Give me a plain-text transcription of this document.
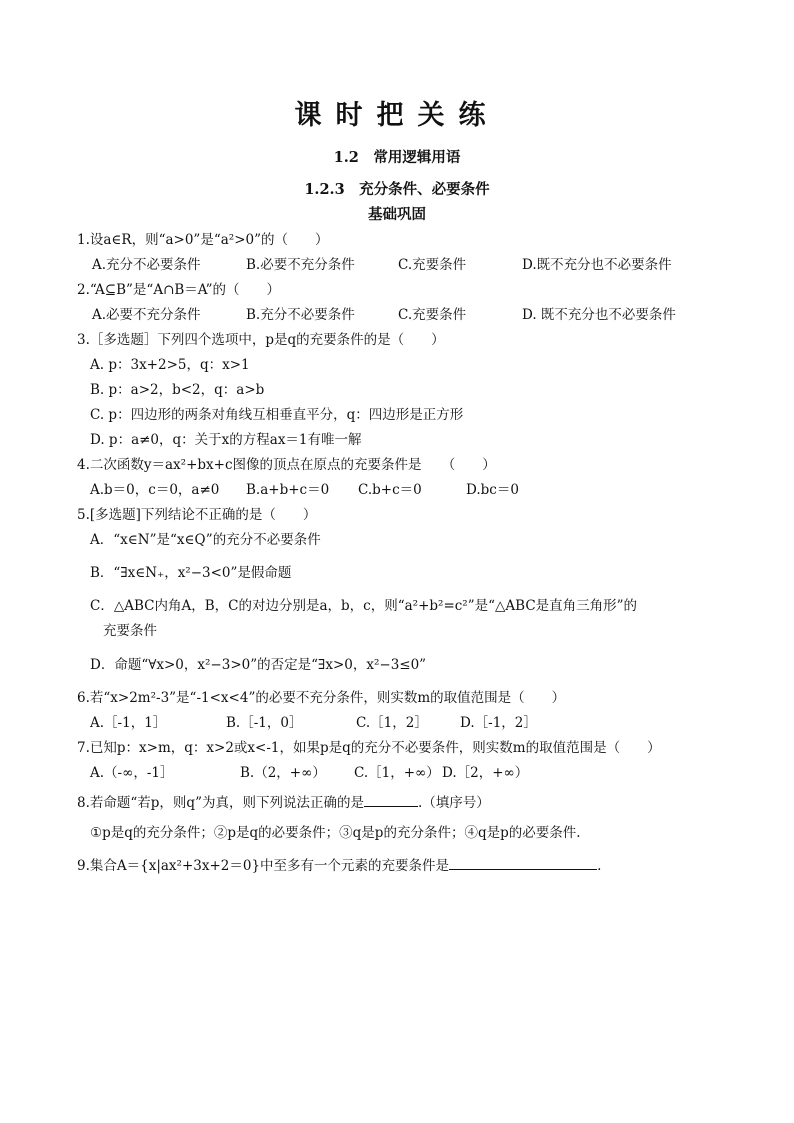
课时把关练
1.2　常用逻辑用语
1.2.3　充分条件、必要条件
基础巩固
1.设a∈R，则“a>0”是“a²>0”的（　　）
A.充分不必要条件	B.必要不充分条件	C.充要条件	D.既不充分也不必要条件
2.“A⊆B”是“A∩B＝A”的（　　）
A.必要不充分条件	B.充分不必要条件	C.充要条件	D. 既不充分也不必要条件
3.［多选题］下列四个选项中，p是q的充要条件的是（　　）
A. p：3x+2>5，q：x>1
B. p：a>2，b<2，q：a>b
C. p：四边形的两条对角线互相垂直平分，q：四边形是正方形
D. p：a≠0，q：关于x的方程ax＝1有唯一解
4.二次函数y＝ax²+bx+c图像的顶点在原点的充要条件是　　（　　）
A.b＝0，c＝0，a≠0 B.a+b+c＝0 C.b+c＝0	D.bc＝0
5.[多选题]下列结论不正确的是（　　）
A．“x∈N”是“x∈Q”的充分不必要条件
B．“∃x∈N₊，x²−3<0”是假命题
C．△ABC内角A，B，C的对边分别是a，b，c，则“a²+b²=c²”是“△ABC是直角三角形”的
充要条件
D．命题“∀x>0，x²−3>0”的否定是“∃x>0，x²−3≤0”
6.若“x>2m²-3”是“-1<x<4”的必要不充分条件，则实数m的取值范围是（　　）
A.［-1，1］	B.［-1，0］	C.［1，2］ D.［-1，2］
7.已知p：x>m，q：x>2或x<-1，如果p是q的充分不必要条件，则实数m的取值范围是（　　）
A.（-∞，-1］	B.（2，+∞） C.［1，+∞） D.［2，+∞）
8.若命题“若p，则q”为真，则下列说法正确的是	.（填序号）
①p是q的充分条件；②p是q的必要条件；③q是p的充分条件；④q是p的必要条件.
9.集合A＝{x|ax²+3x+2＝0}中至多有一个元素的充要条件是	.
